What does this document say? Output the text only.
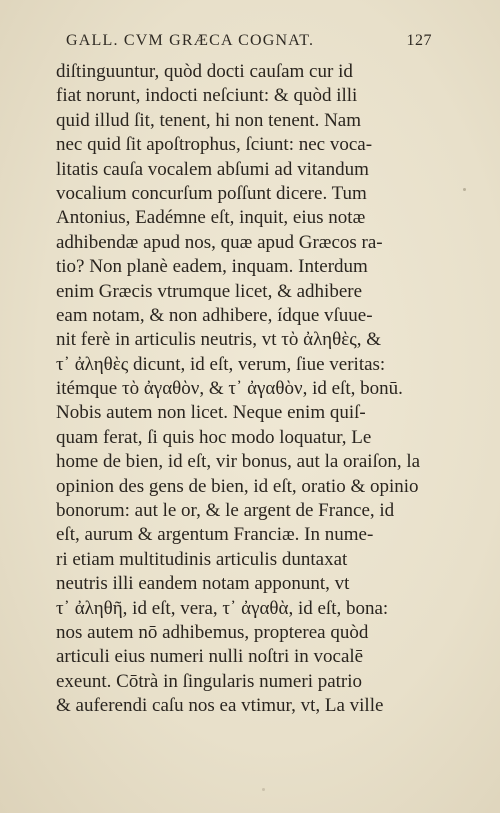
GALL. CVM GRÆCA COGNAT.	127
diſtinguuntur, quòd docti cauſam cur id
fiat norunt, indocti neſciunt: & quòd illi
quid illud ſit, tenent, hi non tenent. Nam
nec quid ſit apoſtrophus, ſciunt: nec voca-
litatis cauſa vocalem abſumi ad vitandum
vocalium concurſum poſſunt dicere. Tum
Antonius, Eadémne eſt, inquit, eius notæ
adhibendæ apud nos, quæ apud Græcos ra-
tio? Non planè eadem, inquam. Interdum
enim Græcis vtrumque licet, & adhibere
eam notam, & non adhibere, ídque vſuue-
nit ferè in articulis neutris, vt τὸ ἀληθὲς, &
τ᾽ ἀληθὲς dicunt, id eſt, verum, ſiue veritas:
itémque τὸ ἀγαθὸν, & τ᾽ ἀγαθὸν, id eſt, bonū.
Nobis autem non licet. Neque enim quiſ-
quam ferat, ſi quis hoc modo loquatur, Le
home de bien, id eſt, vir bonus, aut la oraiſon, la
opinion des gens de bien, id eſt, oratio & opinio
bonorum: aut le or, & le argent de France, id
eſt, aurum & argentum Franciæ. In nume-
ri etiam multitudinis articulis duntaxat
neutris illi eandem notam apponunt, vt
τ᾽ ἀληθῆ, id eſt, vera, τ᾽ ἀγαθὰ, id eſt, bona:
nos autem nō adhibemus, propterea quòd
articuli eius numeri nulli noſtri in vocalē
exeunt. Cōtrà in ſingularis numeri patrio
& auferendi caſu nos ea vtimur, vt, La ville
